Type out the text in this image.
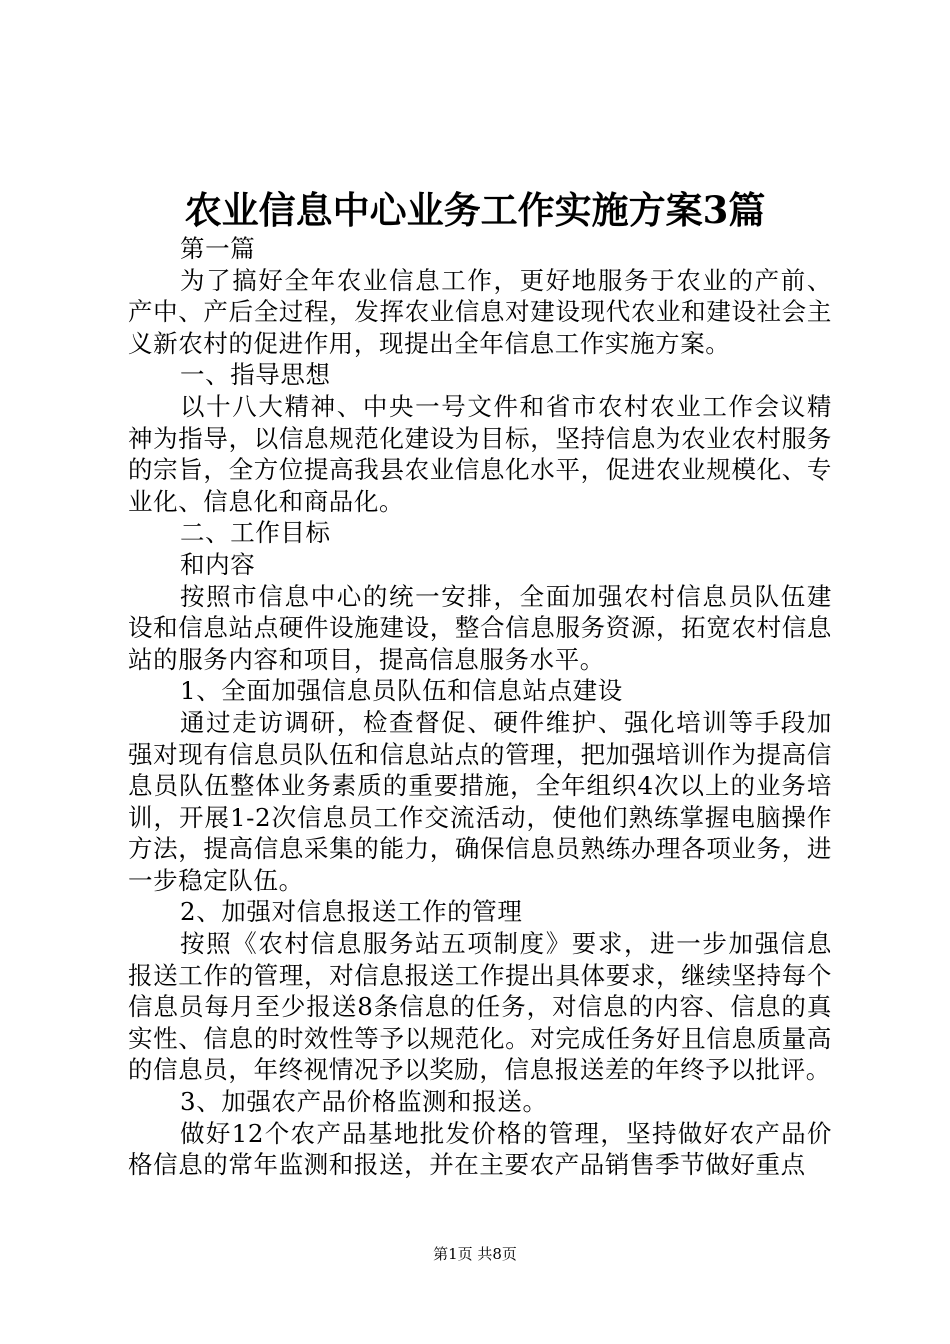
农业信息中心业务工作实施方案3篇

第一篇

为了搞好全年农业信息工作，更好地服务于农业的产前、产中、产后全过程，发挥农业信息对建设现代农业和建设社会主义新农村的促进作用，现提出全年信息工作实施方案。

一、指导思想

以十八大精神、中央一号文件和省市农村农业工作会议精神为指导，以信息规范化建设为目标，坚持信息为农业农村服务的宗旨，全方位提高我县农业信息化水平，促进农业规模化、专业化、信息化和商品化。

二、工作目标

和内容

按照市信息中心的统一安排，全面加强农村信息员队伍建设和信息站点硬件设施建设，整合信息服务资源，拓宽农村信息站的服务内容和项目，提高信息服务水平。

1、全面加强信息员队伍和信息站点建设

通过走访调研，检查督促、硬件维护、强化培训等手段加强对现有信息员队伍和信息站点的管理，把加强培训作为提高信息员队伍整体业务素质的重要措施，全年组织4次以上的业务培训，开展1-2次信息员工作交流活动，使他们熟练掌握电脑操作方法，提高信息采集的能力，确保信息员熟练办理各项业务，进一步稳定队伍。

2、加强对信息报送工作的管理

按照《农村信息服务站五项制度》要求，进一步加强信息报送工作的管理，对信息报送工作提出具体要求，继续坚持每个信息员每月至少报送8条信息的任务，对信息的内容、信息的真实性、信息的时效性等予以规范化。对完成任务好且信息质量高的信息员，年终视情况予以奖励，信息报送差的年终予以批评。

3、加强农产品价格监测和报送。

做好12个农产品基地批发价格的管理，坚持做好农产品价格信息的常年监测和报送，并在主要农产品销售季节做好重点

第1页 共8页
